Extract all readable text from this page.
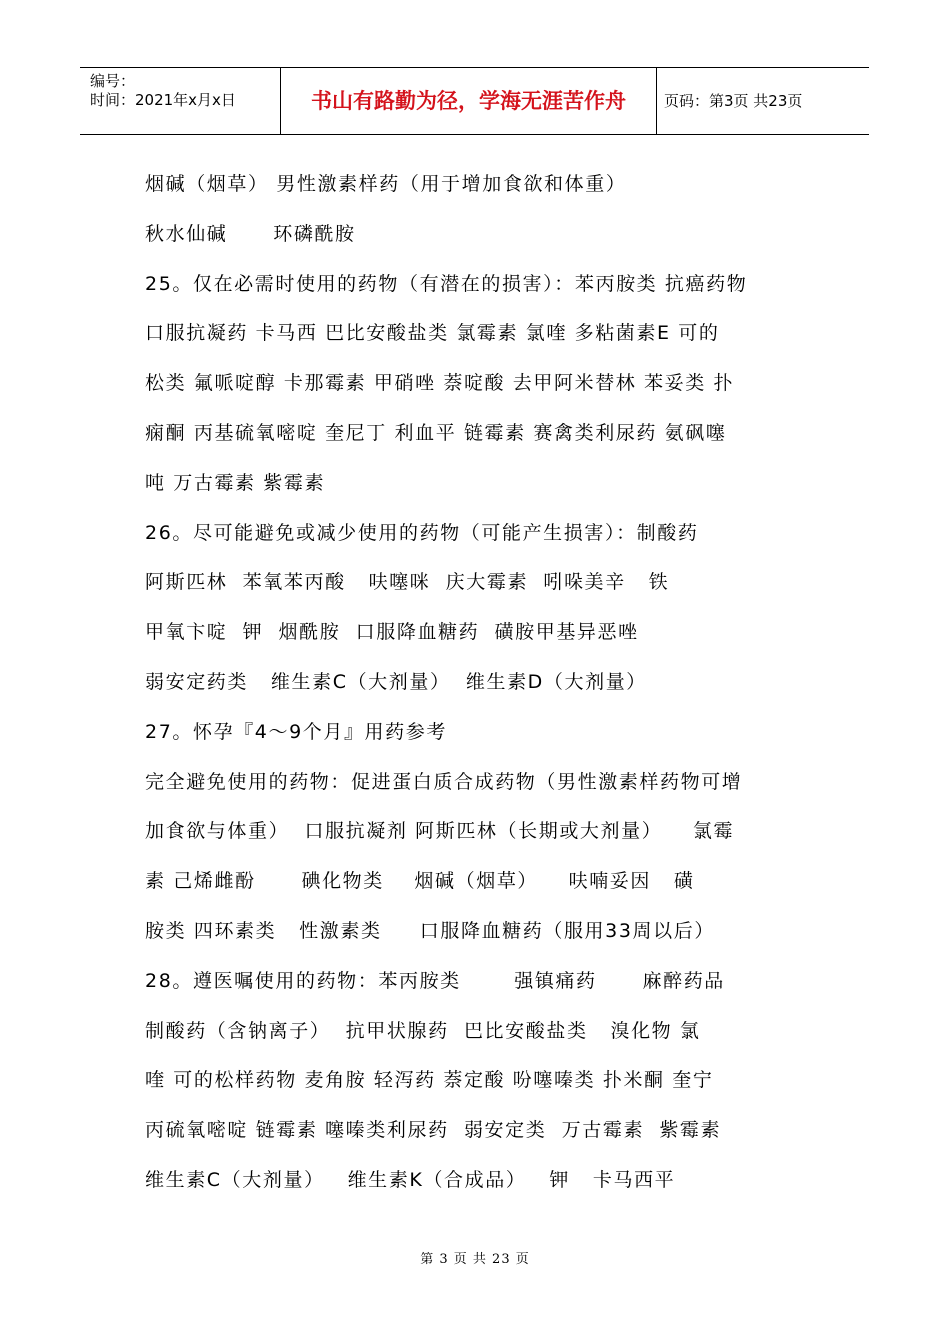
编号：
时间：2021年x月x日	书山有路勤为径，学海无涯苦作舟	页码：第3页 共23页
烟碱（烟草） 男性激素样药（用于增加食欲和体重）
秋水仙碱      环磷酰胺
25。仅在必需时使用的药物（有潜在的损害）：苯丙胺类 抗癌药物
口服抗凝药 卡马西 巴比安酸盐类 氯霉素 氯喹 多粘菌素E 可的
松类 氟哌啶醇 卡那霉素 甲硝唑 萘啶酸 去甲阿米替林 苯妥类 扑
痫酮 丙基硫氧嘧啶 奎尼丁 利血平 链霉素 赛禽类利尿药 氨砜噻
吨 万古霉素 紫霉素
26。尽可能避免或减少使用的药物（可能产生损害）：制酸药
阿斯匹林  苯氧苯丙酸   呋噻咪  庆大霉素  吲哚美辛   铁
甲氧卞啶  钾  烟酰胺  口服降血糖药  磺胺甲基异恶唑
弱安定药类   维生素C（大剂量）  维生素D（大剂量）
27。怀孕『4～9个月』用药参考
完全避免使用的药物：促进蛋白质合成药物（男性激素样药物可增
加食欲与体重）  口服抗凝剂 阿斯匹林（长期或大剂量）    氯霉
素 己烯雌酚      碘化物类    烟碱（烟草）    呋喃妥因   磺
胺类 四环素类   性激素类     口服降血糖药（服用33周以后）
28。遵医嘱使用的药物：苯丙胺类       强镇痛药      麻醉药品
制酸药（含钠离子）  抗甲状腺药  巴比安酸盐类   溴化物 氯
喹 可的松样药物 麦角胺 轻泻药 萘定酸 吩噻嗪类 扑米酮 奎宁
丙硫氧嘧啶 链霉素 噻嗪类利尿药  弱安定类  万古霉素  紫霉素
维生素C（大剂量）   维生素K（合成品）   钾   卡马西平
第 3 页 共 23 页
